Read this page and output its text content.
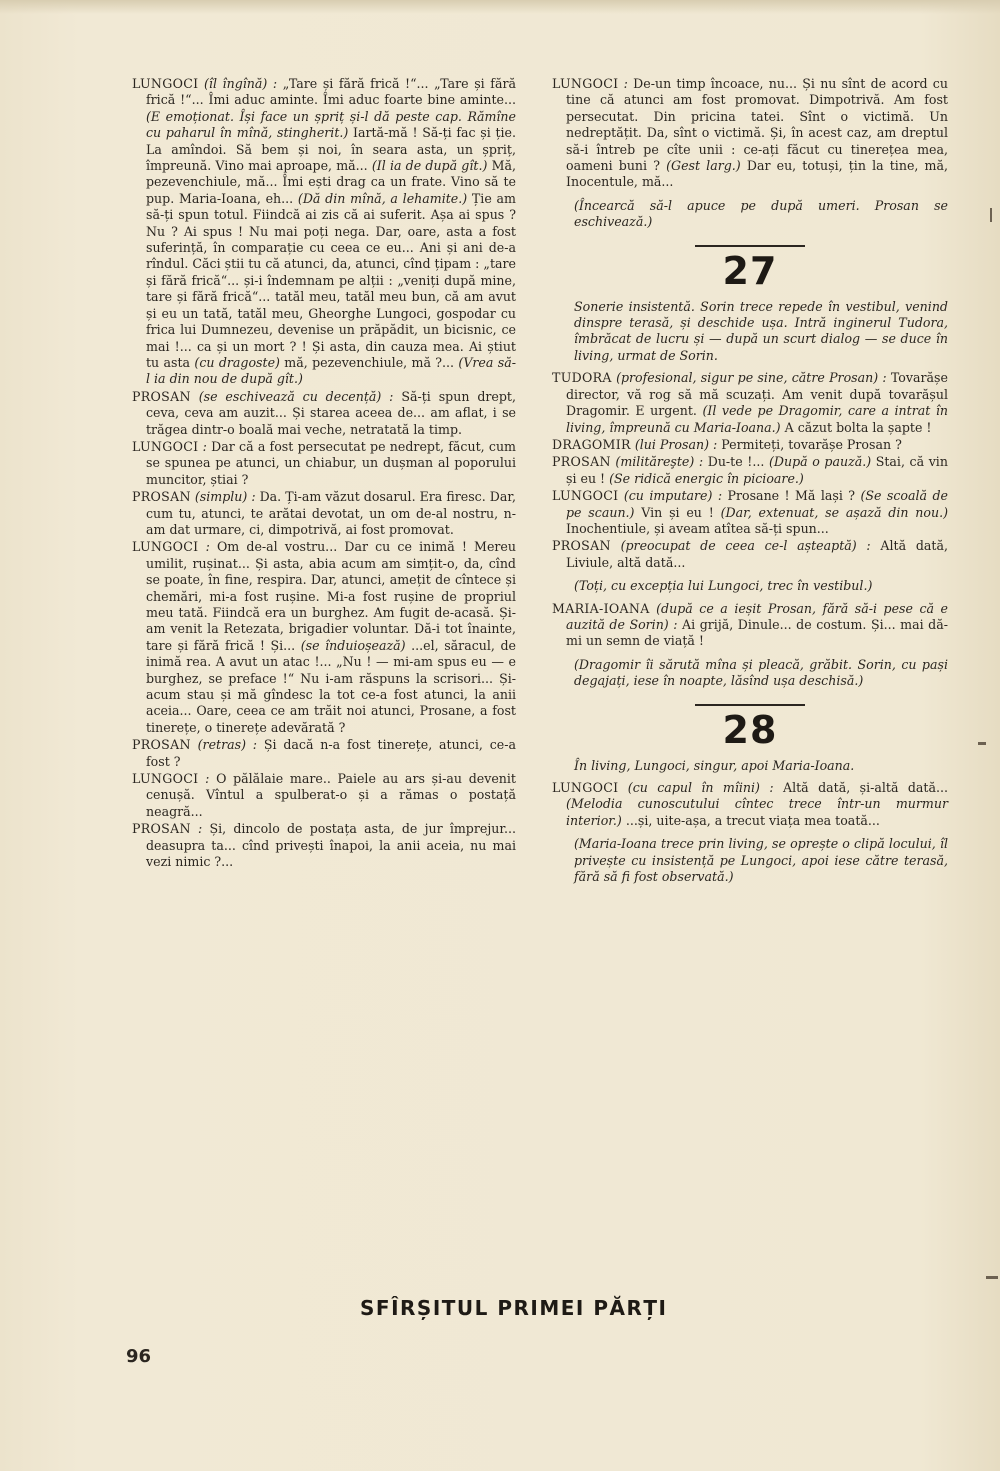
LUNGOCI (îl îngînă) : „Tare și fără frică !“... „Tare și fără frică !“... Îmi aduc aminte. Îmi aduc foarte bine aminte... (E emoționat. Își face un șpriț și-l dă peste cap. Rămîne cu paharul în mînă, stingherit.) Iartă-mă ! Să-ți fac și ție. La amîndoi. Să bem și noi, în seara asta, un șpriț, împreună. Vino mai aproape, mă... (Il ia de după gît.) Mă, pezevenchiule, mă... Îmi ești drag ca un frate. Vino să te pup. Maria-Ioana, eh... (Dă din mînă, a lehamite.) Ție am să-ți spun totul. Fiindcă ai zis că ai suferit. Așa ai spus ? Nu ? Ai spus ! Nu mai poți nega. Dar, oare, asta a fost suferință, în comparație cu ceea ce eu... Ani și ani de-a rîndul. Căci știi tu că atunci, da, atunci, cînd țipam : „tare și fără frică“... și-i îndemnam pe alții : „veniți după mine, tare și fără frică“... tatăl meu, tatăl meu bun, că am avut și eu un tată, tatăl meu, Gheorghe Lungoci, gospodar cu frica lui Dumnezeu, devenise un prăpădit, un bicisnic, ce mai !... ca și un mort ? ! Și asta, din cauza mea. Ai știut tu asta (cu dragoste) mă, pezevenchiule, mă ?... (Vrea să-l ia din nou de după gît.)

PROSAN (se eschivează cu decență) : Să-ți spun drept, ceva, ceva am auzit... Și starea aceea de... am aflat, i se trăgea dintr-o boală mai veche, netratată la timp.

LUNGOCI : Dar că a fost persecutat pe nedrept, făcut, cum se spunea pe atunci, un chiabur, un dușman al poporului muncitor, știai ?

PROSAN (simplu) : Da. Ți-am văzut dosarul. Era firesc. Dar, cum tu, atunci, te arătai devotat, un om de-al nostru, n-am dat urmare, ci, dimpotrivă, ai fost promovat.

LUNGOCI : Om de-al vostru... Dar cu ce inimă ! Mereu umilit, rușinat... Și asta, abia acum am simțit-o, da, cînd se poate, în fine, respira. Dar, atunci, amețit de cîntece și chemări, mi-a fost rușine. Mi-a fost rușine de propriul meu tată. Fiindcă era un burghez. Am fugit de-acasă. Și-am venit la Retezata, brigadier voluntar. Dă-i tot înainte, tare și fără frică ! Și... (se înduioșează) ...el, săracul, de inimă rea. A avut un atac !... „Nu ! — mi-am spus eu — e burghez, se preface !“ Nu i-am răspuns la scrisori... Și-acum stau și mă gîndesc la tot ce-a fost atunci, la anii aceia... Oare, ceea ce am trăit noi atunci, Prosane, a fost tinerețe, o tinerețe adevărată ?

PROSAN (retras) : Și dacă n-a fost tinerețe, atunci, ce-a fost ?

LUNGOCI : O pălălaie mare.. Paiele au ars și-au devenit cenușă. Vîntul a spulberat-o și a rămas o postață neagră...

PROSAN : Și, dincolo de postața asta, de jur împrejur... deasupra ta... cînd privești înapoi, la anii aceia, nu mai vezi nimic ?...

LUNGOCI : De-un timp încoace, nu... Și nu sînt de acord cu tine că atunci am fost promovat. Dimpotrivă. Am fost persecutat. Din pricina tatei. Sînt o victimă. Un nedreptățit. Da, sînt o victimă. Și, în acest caz, am dreptul să-i întreb pe cîte unii : ce-ați făcut cu tinerețea mea, oameni buni ? (Gest larg.) Dar eu, totuși, țin la tine, mă, Inocentule, mă...

(Încearcă să-l apuce pe după umeri. Prosan se eschivează.)

27

Sonerie insistentă. Sorin trece repede în vestibul, venind dinspre terasă, și deschide ușa. Intră inginerul Tudora, îmbrăcat de lucru și — după un scurt dialog — se duce în living, urmat de Sorin.

TUDORA (profesional, sigur pe sine, către Prosan) : Tovarășe director, vă rog să mă scuzați. Am venit după tovarășul Dragomir. E urgent. (Il vede pe Dragomir, care a intrat în living, împreună cu Maria-Ioana.) A căzut bolta la șapte !

DRAGOMIR (lui Prosan) : Permiteți, tovarășe Prosan ?

PROSAN (milităreşte) : Du-te !... (După o pauză.) Stai, că vin și eu ! (Se ridică energic în picioare.)

LUNGOCI (cu imputare) : Prosane ! Mă lași ? (Se scoală de pe scaun.) Vin și eu ! (Dar, extenuat, se așază din nou.) Inochentiule, și aveam atîtea să-ți spun...

PROSAN (preocupat de ceea ce-l așteaptă) : Altă dată, Liviule, altă dată...

(Toți, cu excepția lui Lungoci, trec în vestibul.)

MARIA-IOANA (după ce a ieșit Prosan, fără să-i pese că e auzită de Sorin) : Ai grijă, Dinule... de costum. Și... mai dă-mi un semn de viață !

(Dragomir îi sărută mîna și pleacă, grăbit. Sorin, cu pași degajați, iese în noapte, lăsînd ușa deschisă.)

28

În living, Lungoci, singur, apoi Maria-Ioana.

LUNGOCI (cu capul în mîini) : Altă dată, și-altă dată... (Melodia cunoscutului cîntec trece într-un murmur interior.) ...și, uite-așa, a trecut viața mea toată...

(Maria-Ioana trece prin living, se oprește o clipă locului, îl privește cu insistență pe Lungoci, apoi iese către terasă, fără să fi fost observată.)

SFÎRȘITUL PRIMEI PĂRȚI
96
